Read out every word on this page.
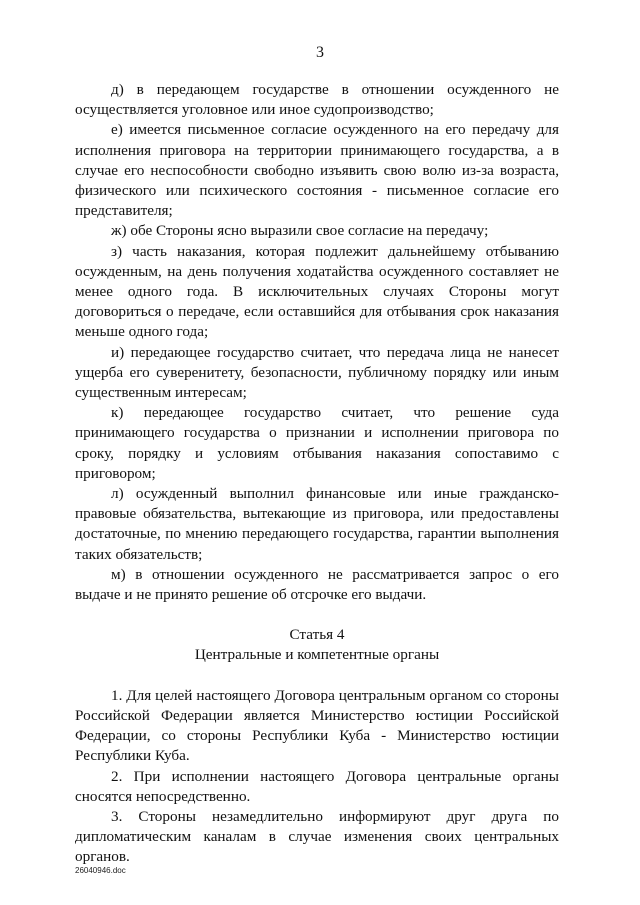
3

д) в передающем государстве в отношении осужденного не осуществляется уголовное или иное судопроизводство;

е) имеется письменное согласие осужденного на его передачу для исполнения приговора на территории принимающего государства, а в случае его неспособности свободно изъявить свою волю из-за возраста, физического или психического состояния - письменное согласие его представителя;

ж) обе Стороны ясно выразили свое согласие на передачу;

з) часть наказания, которая подлежит дальнейшему отбыванию осужденным, на день получения ходатайства осужденного составляет не менее одного года. В исключительных случаях Стороны могут договориться о передаче, если оставшийся для отбывания срок наказания меньше одного года;

и) передающее государство считает, что передача лица не нанесет ущерба его суверенитету, безопасности, публичному порядку или иным существенным интересам;

к) передающее государство считает, что решение суда принимающего государства о признании и исполнении приговора по сроку, порядку и условиям отбывания наказания сопоставимо с приговором;

л) осужденный выполнил финансовые или иные гражданско-правовые обязательства, вытекающие из приговора, или предоставлены достаточные, по мнению передающего государства, гарантии выполнения таких обязательств;

м) в отношении осужденного не рассматривается запрос о его выдаче и не принято решение об отсрочке его выдачи.

Статья 4
Центральные и компетентные органы

1. Для целей настоящего Договора центральным органом со стороны Российской Федерации является Министерство юстиции Российской Федерации, со стороны Республики Куба - Министерство юстиции Республики Куба.

2. При исполнении настоящего Договора центральные органы сносятся непосредственно.

3. Стороны незамедлительно информируют друг друга по дипломатическим каналам в случае изменения своих центральных органов.

26040946.doc
